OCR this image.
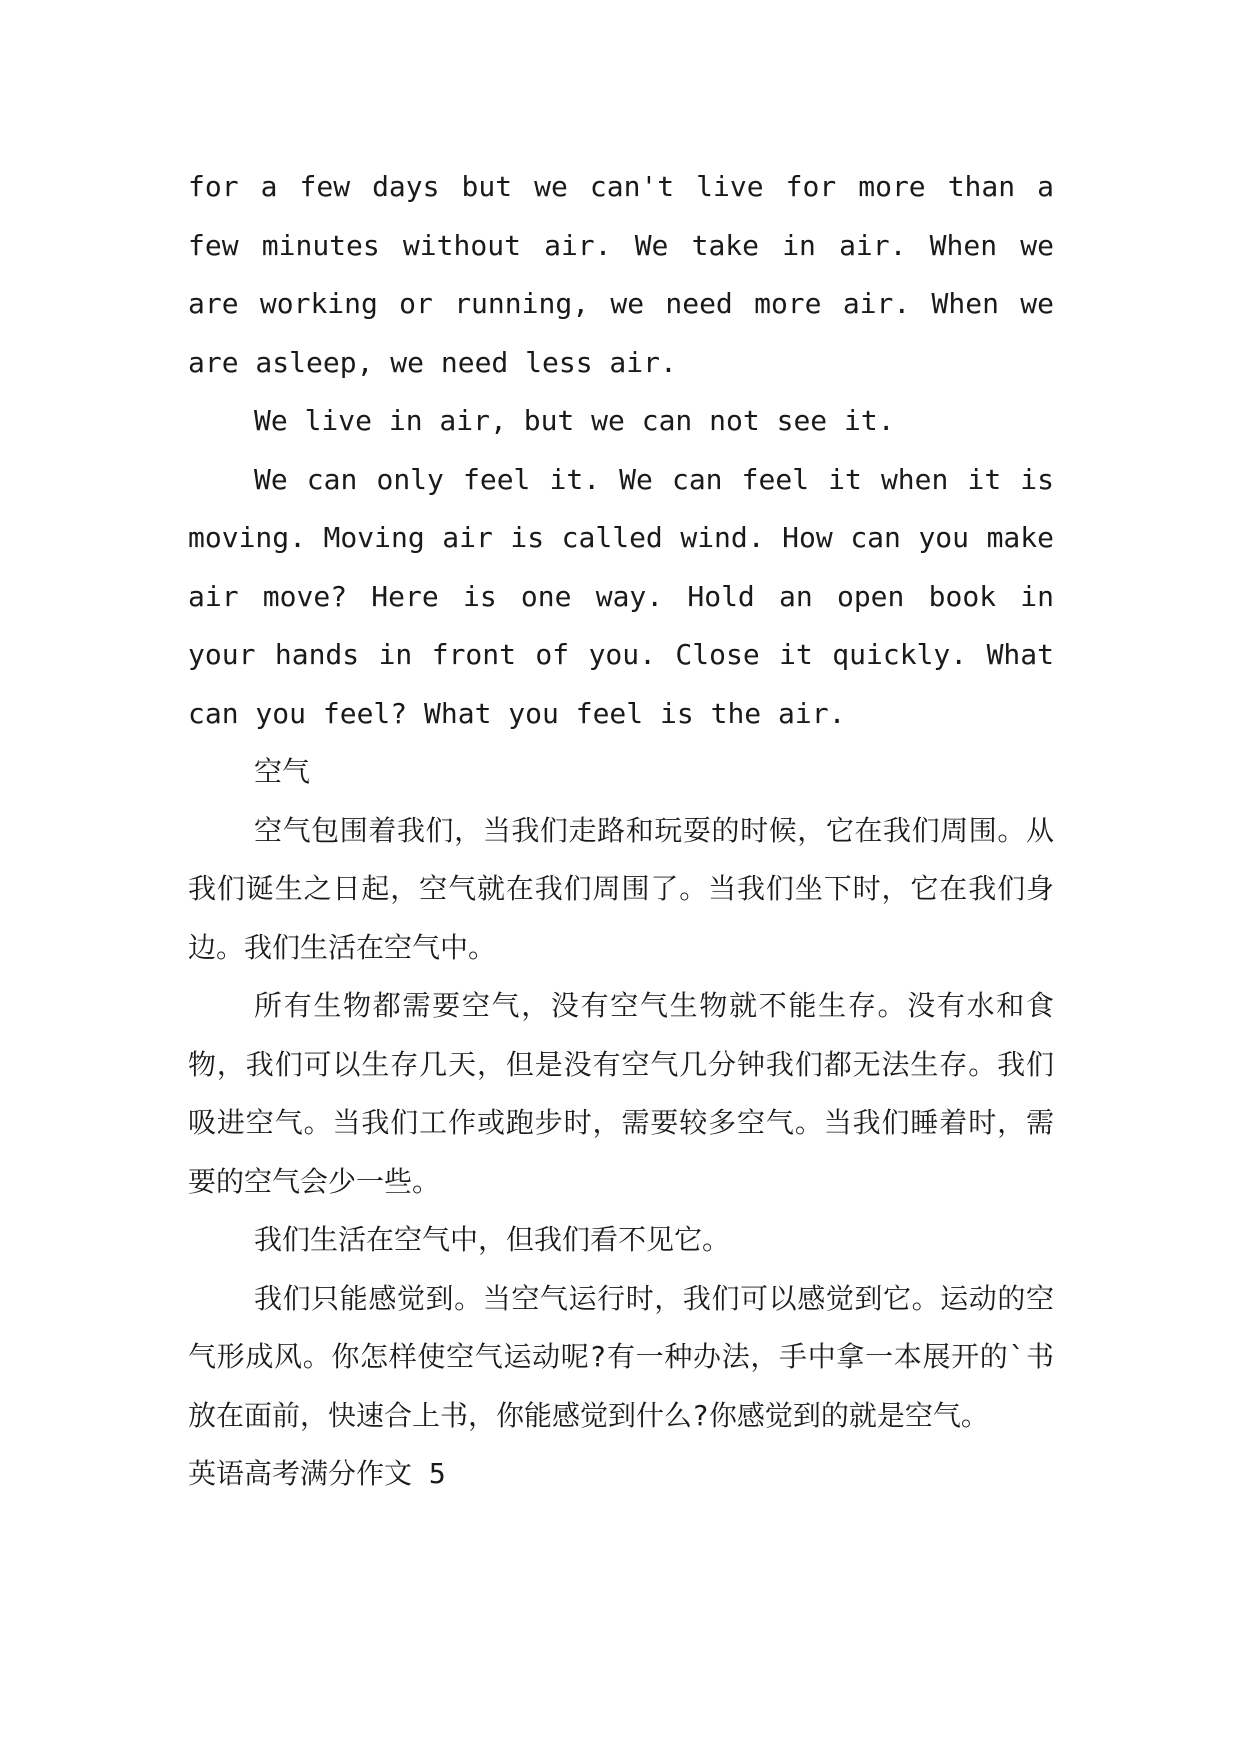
for a few days but we can't live for more than a few minutes without air. We take in air. When we are working or running, we need more air. When we are asleep, we need less air.

We live in air, but we can not see it.

We can only feel it. We can feel it when it is moving. Moving air is called wind. How can you make air move? Here is one way. Hold an open book in your hands in front of you. Close it quickly. What can you feel? What you feel is the air.

空气

空气包围着我们，当我们走路和玩耍的时候，它在我们周围。从我们诞生之日起，空气就在我们周围了。当我们坐下时，它在我们身边。我们生活在空气中。

所有生物都需要空气，没有空气生物就不能生存。没有水和食物，我们可以生存几天，但是没有空气几分钟我们都无法生存。我们吸进空气。当我们工作或跑步时，需要较多空气。当我们睡着时，需要的空气会少一些。

我们生活在空气中，但我们看不见它。

我们只能感觉到。当空气运行时，我们可以感觉到它。运动的空气形成风。你怎样使空气运动呢?有一种办法，手中拿一本展开的`书放在面前，快速合上书，你能感觉到什么?你感觉到的就是空气。

英语高考满分作文 5
